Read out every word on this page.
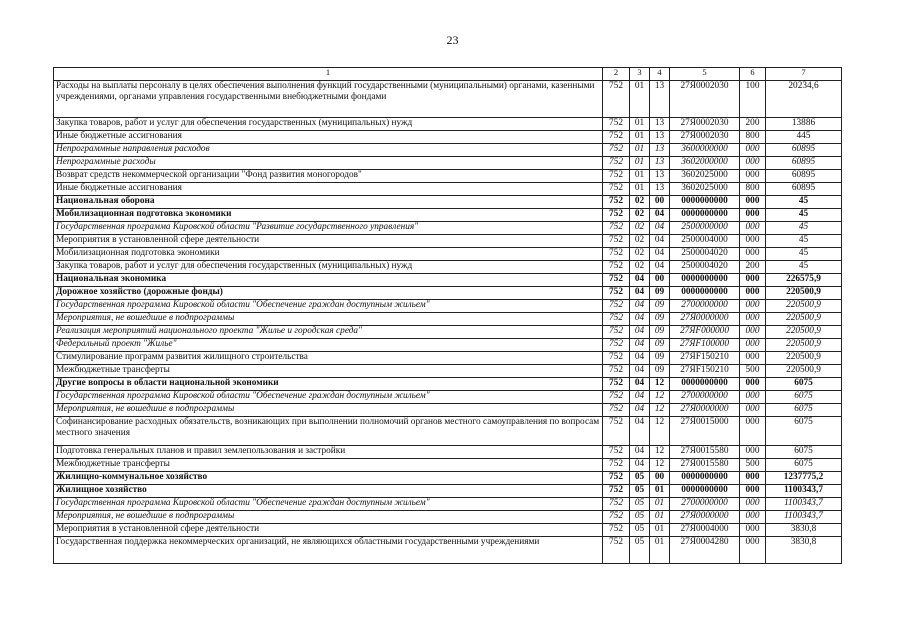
23
1	2	3	4	5	6	7
Расходы на выплаты персоналу в целях обеспечения выполнения функций государственными (муниципальными) органами, казенными учреждениями, органами управления государственными внебюджетными фондами	752	01	13	27Я0002030	100	20234,6
Закупка товаров, работ и услуг для обеспечения государственных (муниципальных) нужд	752	01	13	27Я0002030	200	13886
Иные бюджетные ассигнования	752	01	13	27Я0002030	800	445
Непрограммные направления расходов	752	01	13	3600000000	000	60895
Непрограммные расходы	752	01	13	3602000000	000	60895
Возврат средств некоммерческой организации "Фонд развития моногородов"	752	01	13	3602025000	000	60895
Иные бюджетные ассигнования	752	01	13	3602025000	800	60895
Национальная оборона	752	02	00	0000000000	000	45
Мобилизационная подготовка экономики	752	02	04	0000000000	000	45
Государственная программа Кировской области "Развитие государственного управления"	752	02	04	2500000000	000	45
Мероприятия в установленной сфере деятельности	752	02	04	2500004000	000	45
Мобилизационная подготовка экономики	752	02	04	2500004020	000	45
Закупка товаров, работ и услуг для обеспечения государственных (муниципальных) нужд	752	02	04	2500004020	200	45
Национальная экономика	752	04	00	0000000000	000	226575,9
Дорожное хозяйство (дорожные фонды)	752	04	09	0000000000	000	220500,9
Государственная программа Кировской области "Обеспечение граждан доступным жильем"	752	04	09	2700000000	000	220500,9
Мероприятия, не вошедшие в подпрограммы	752	04	09	27Я0000000	000	220500,9
Реализация мероприятий национального проекта "Жилье и городская среда"	752	04	09	27ЯF000000	000	220500,9
Федеральный проект "Жилье"	752	04	09	27ЯF100000	000	220500,9
Стимулирование программ развития жилищного строительства	752	04	09	27ЯF150210	000	220500,9
Межбюджетные трансферты	752	04	09	27ЯF150210	500	220500,9
Другие вопросы в области национальной экономики	752	04	12	0000000000	000	6075
Государственная программа Кировской области "Обеспечение граждан доступным жильем"	752	04	12	2700000000	000	6075
Мероприятия, не вошедшие в подпрограммы	752	04	12	27Я0000000	000	6075
Софинансирование расходных обязательств, возникающих при выполнении полномочий органов местного самоуправления по вопросам местного значения	752	04	12	27Я0015000	000	6075
Подготовка генеральных планов и правил землепользования и застройки	752	04	12	27Я0015580	000	6075
Межбюджетные трансферты	752	04	12	27Я0015580	500	6075
Жилищно-коммунальное хозяйство	752	05	00	0000000000	000	1237775,2
Жилищное хозяйство	752	05	01	0000000000	000	1100343,7
Государственная программа Кировской области "Обеспечение граждан доступным жильем"	752	05	01	2700000000	000	1100343,7
Мероприятия, не вошедшие в подпрограммы	752	05	01	27Я0000000	000	1100343,7
Мероприятия в установленной сфере деятельности	752	05	01	27Я0004000	000	3830,8
Государственная поддержка некоммерческих организаций, не являющихся областными государственными учреждениями	752	05	01	27Я0004280	000	3830,8
